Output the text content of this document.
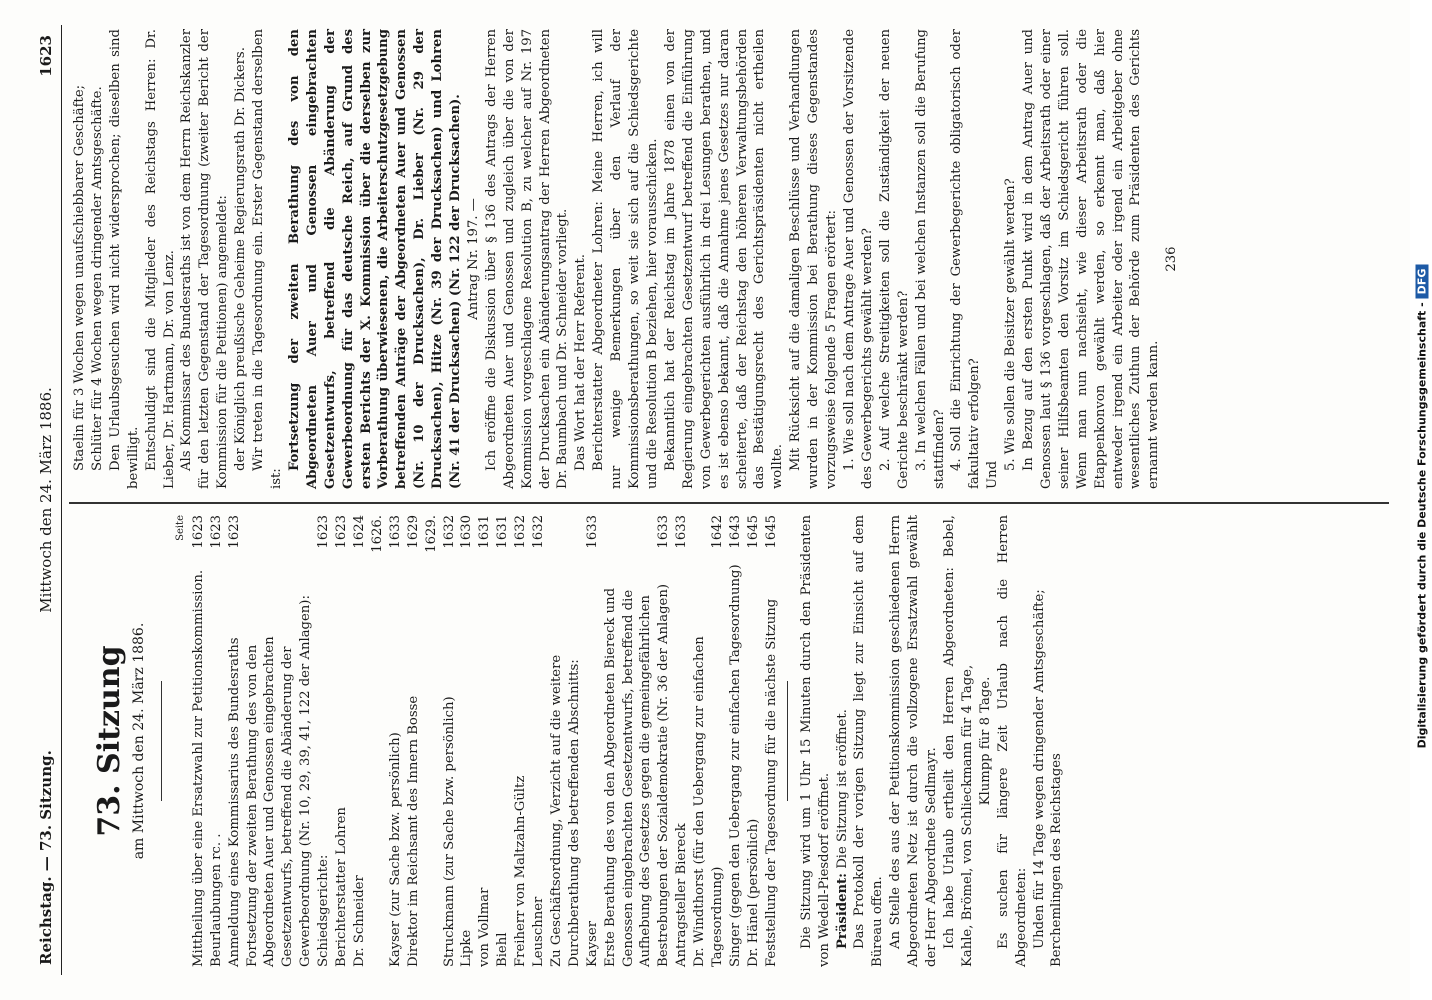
Reichstag. — 73. Sitzung.
Mittwoch den 24. März 1886.
1623
73. Sitzung am Mittwoch den 24. März 1886.
Seite
Mittheilung über eine Ersatzwahl zur Petitionskommission.
1623
Beurlaubungen rc. .
1623
Anmeldung eines Kommissarius des Bundesraths
1623
Fortsetzung der zweiten Berathung des von den Abgeordneten Auer und Genossen eingebrachten Gesetzentwurfs, betreffend die Abänderung der Gewerbeordnung (Nr. 10, 29, 39, 41, 122 der Anlagen): Schiedsgerichte:
1623
Berichterstatter Lohren
1623
Dr. Schneider
1624
Kayser (zur Sache bzw. persönlich)
1626. 1633
Direktor im Reichsamt des Innern Bosse
1629
Struckmann (zur Sache bzw. persönlich)
1629. 1632
Lipke
1630
von Vollmar
1631
Biehl
1631
Freiherr von Maltzahn-Gültz
1632
Leuschner
1632
Zu Geschäftsordnung, Verzicht auf die weitere Durchberathung des betreffenden Abschnitts: Kayser
1633
Erste Berathung des von den Abgeordneten Biereck und Genossen eingebrachten Gesetzentwurfs, betreffend die Aufhebung des Gesetzes gegen die gemeingefährlichen Bestrebungen der Sozialdemokratie (Nr. 36 der Anlagen)
1633
Antragsteller Biereck
1633
Dr. Windthorst (für den Uebergang zur einfachen Tagesordnung)
1642
Singer (gegen den Uebergang zur einfachen Tagesordnung)
1643
Dr. Hänel (persönlich)
1645
Feststellung der Tagesordnung für die nächste Sitzung
1645 Die Sitzung wird um 1 Uhr 15 Minuten durch den Präsidenten von Wedell-Piesdorf eröffnet. Präsident: Die Sitzung ist eröffnet. Das Protokoll der vorigen Sitzung liegt zur Einsicht auf dem Büreau offen. An Stelle des aus der Petitionskommission geschiedenen Herrn Abgeordneten Netz ist durch die vollzogene Ersatzwahl gewählt der Herr Abgeordnete Sedlmayr. Ich habe Urlaub ertheilt den Herren Abgeordneten: Bebel, Kahle, Brömel, von Schlieckmann für 4 Tage, Klumpp für 8 Tage. Es suchen für längere Zeit Urlaub nach die Herren Abgeordneten: Uhden für 14 Tage wegen dringender Amtsgeschäfte; Berchemlingen des Reichstages

Staelin für 3 Wochen wegen unaufschiebbarer Geschäfte; Schlüter für 4 Wochen wegen dringender Amtsgeschäfte. Den Urlaubsgesuchen wird nicht widersprochen; dieselben sind bewilligt. Entschuldigt sind die Mitglieder des Reichstags Herren: Dr. Lieber, Dr. Hartmann, Dr. von Lenz. Als Kommissar des Bundesraths ist von dem Herrn Reichskanzler für den letzten Gegenstand der Tagesordnung (zweiter Bericht der Kommission für die Petitionen) angemeldet: der Königlich preußische Geheime Regierungsrath Dr. Dickers. Wir treten in die Tagesordnung ein. Erster Gegenstand derselben ist:

Fortsetzung der zweiten Berathung des von den Abgeordneten Auer und Genossen eingebrachten Gesetzentwurfs, betreffend die Abänderung der Gewerbeordnung für das deutsche Reich, auf Grund des ersten Berichts der X. Kommission über die derselben zur Vorberathung überwiesenen, die Arbeiterschutzgesetzgebung betreffenden Anträge der Abgeordneten Auer und Genossen (Nr. 10 der Drucksachen), Dr. Lieber (Nr. 29 der Drucksachen), Hitze (Nr. 39 der Drucksachen) und Lohren (Nr. 41 der Drucksachen) (Nr. 122 der Drucksachen). Antrag Nr. 197. — Ich eröffne die Diskussion über § 136 des Antrags der Herren Abgeordneten Auer und Genossen und zugleich über die von der Kommission vorgeschlagene Resolution B, zu welcher auf Nr. 197 der Drucksachen ein Abänderungsantrag der Herren Abgeordneten Dr. Baumbach und Dr. Schneider vorliegt. Das Wort hat der Herr Referent. Berichterstatter Abgeordneter Lohren: Meine Herren, ich will nur wenige Bemerkungen über den Verlauf der Kommissionsberathungen, so weit sie sich auf die Schiedsgerichte und die Resolution B beziehen, hier vorausschicken. Bekanntlich hat der Reichstag im Jahre 1878 einen von der Regierung eingebrachten Gesetzentwurf betreffend die Einführung von Gewerbegerichten ausführlich in drei Lesungen berathen, und es ist ebenso bekannt, daß die Annahme jenes Gesetzes nur daran scheiterte, daß der Reichstag den höheren Verwaltungsbehörden das Bestätigungsrecht des Gerichtspräsidenten nicht ertheilen wollte. Mit Rücksicht auf die damaligen Beschlüsse und Verhandlungen wurden in der Kommission bei Berathung dieses Gegenstandes vorzugsweise folgende 5 Fragen erörtert: 1. Wie soll nach dem Antrage Auer und Genossen der Vorsitzende des Gewerbegerichts gewählt werden? 2. Auf welche Streitigkeiten soll die Zuständigkeit der neuen Gerichte beschränkt werden? 3. In welchen Fällen und bei welchen Instanzen soll die Berufung stattfinden? 4. Soll die Einrichtung der Gewerbegerichte obligatorisch oder fakultativ erfolgen? Und

5. Wie sollen die Beisitzer gewählt werden? In Bezug auf den ersten Punkt wird in dem Antrag Auer und Genossen laut § 136 vorgeschlagen, daß der Arbeitsrath oder einer seiner Hilfsbeamten den Vorsitz im Schiedsgericht führen soll. Wenn man nun nachsieht, wie dieser Arbeitsrath oder die Etappenkonvon gewählt werden, so erkennt man, daß hier entweder irgend ein Arbeiter oder irgend ein Arbeitgeber ohne wesentliches Zuthun der Behörde zum Präsidenten des Gerichts ernannt werden kann.

236

Digitalisierung gefördert durch die Deutsche Forschungsgemeinschaft -DFG
